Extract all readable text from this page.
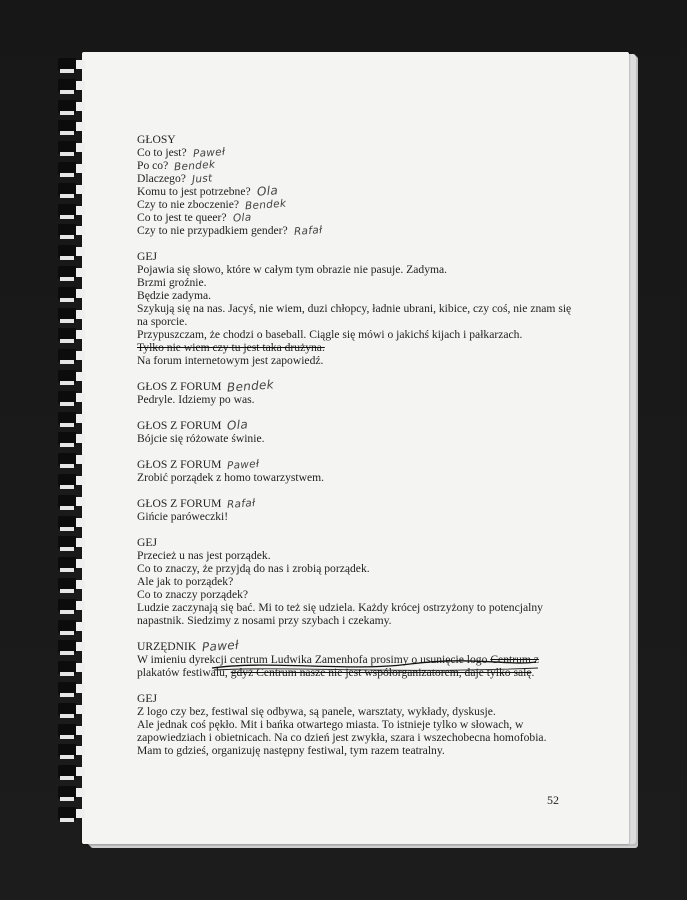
GŁOSY
Co to jest? Paweł
Po co? Bendek
Dlaczego? Just
Komu to jest potrzebne? Ola
Czy to nie zboczenie? Bendek
Co to jest te queer? Ola
Czy to nie przypadkiem gender? Rafał
GEJ
Pojawia się słowo, które w całym tym obrazie nie pasuje. Zadyma.
Brzmi groźnie.
Będzie zadyma.
Szykują się na nas. Jacyś, nie wiem, duzi chłopcy, ładnie ubrani, kibice, czy coś, nie znam się
na sporcie.
Przypuszczam, że chodzi o baseball. Ciągle się mówi o jakichś kijach i pałkarzach.
Tylko nie wiem czy tu jest taka drużyna.
Na forum internetowym jest zapowiedź.
GŁOS Z FORUM Bendek
Pedryle. Idziemy po was.
GŁOS Z FORUM Ola
Bójcie się różowate świnie.
GŁOS Z FORUM Paweł
Zrobić porządek z homo towarzystwem.
GŁOS Z FORUM Rafał
Gińcie paróweczki!
GEJ
Przecież u nas jest porządek.
Co to znaczy, że przyjdą do nas i zrobią porządek.
Ale jak to porządek?
Co to znaczy porządek?
Ludzie zaczynają się bać. Mi to też się udziela. Każdy krócej ostrzyżony to potencjalny
napastnik. Siedzimy z nosami przy szybach i czekamy.
URZĘDNIK Paweł
W imieniu dyrekcji centrum Ludwika Zamenhofa prosimy o usunięcie logo Centrum z
plakatów festiwalu, gdyż Centrum nasze nie jest współorganizatorem, daje tylko salę.
GEJ
Z logo czy bez, festiwal się odbywa, są panele, warsztaty, wykłady, dyskusje.
Ale jednak coś pękło. Mit i bańka otwartego miasta. To istnieje tylko w słowach, w
zapowiedziach i obietnicach. Na co dzień jest zwykła, szara i wszechobecna homofobia.
Mam to gdzieś, organizuję następny festiwal, tym razem teatralny.
52
